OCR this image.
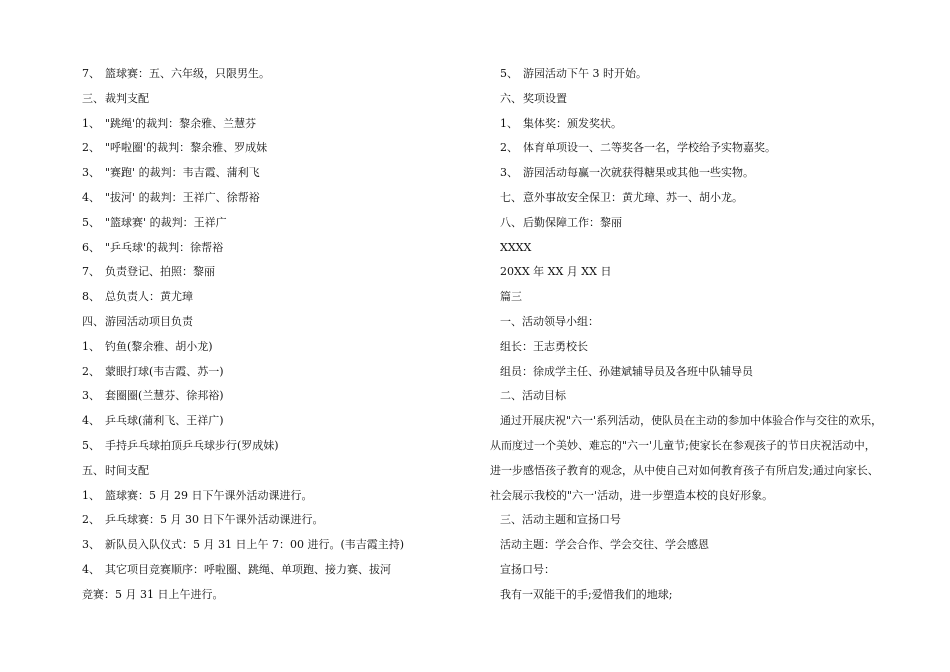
7、 篮球赛：五、六年级，只限男生。
三、裁判支配
1、 "跳绳'的裁判：黎余雅、兰慧芬
2、 "呼啦圈'的裁判：黎余雅、罗成妹
3、 "赛跑' 的裁判：韦吉霞、蒲利飞
4、 "拔河' 的裁判：王祥广、徐帮裕
5、 "篮球赛' 的裁判：王祥广
6、 "乒乓球'的裁判：徐帮裕
7、 负责登记、拍照：黎丽
8、 总负责人：黄尤璋
四、游园活动项目负责
1、 钓鱼(黎余雅、胡小龙)
2、 蒙眼打球(韦吉霞、苏一)
3、 套圈圈(兰慧芬、徐邦裕)
4、 乒乓球(蒲利飞、王祥广)
5、 手持乒乓球拍顶乒乓球步行(罗成妹)
五、时间支配
1、 篮球赛：5 月 29 日下午课外活动课进行。
2、 乒乓球赛：5 月 30 日下午课外活动课进行。
3、 新队员入队仪式：5 月 31 日上午 7：00 进行。(韦吉霞主持)
4、 其它项目竞赛顺序：呼啦圈、跳绳、单项跑、接力赛、拔河
竞赛：5 月 31 日上午进行。
5、 游园活动下午 3 时开始。
六、奖项设置
1、 集体奖：颁发奖状。
2、 体育单项设一、二等奖各一名，学校给予实物嘉奖。
3、 游园活动每赢一次就获得糖果或其他一些实物。
七、意外事故安全保卫：黄尤璋、苏一、胡小龙。
八、后勤保障工作：黎丽
XXXX
20XX 年 XX 月 XX 日
篇三
一、活动领导小组：
组长：王志勇校长
组员：徐成学主任、孙建斌辅导员及各班中队辅导员
二、活动目标
通过开展庆祝"六一'系列活动，使队员在主动的参加中体验合作与交往的欢乐，
从而度过一个美妙、难忘的"六一'儿童节;使家长在参观孩子的节日庆祝活动中，
进一步感悟孩子教育的观念，从中使自己对如何教育孩子有所启发;通过向家长、
社会展示我校的"六一'活动，进一步塑造本校的良好形象。
三、活动主题和宣扬口号
活动主题：学会合作、学会交往、学会感恩
宣扬口号：
我有一双能干的手;爱惜我们的地球;
